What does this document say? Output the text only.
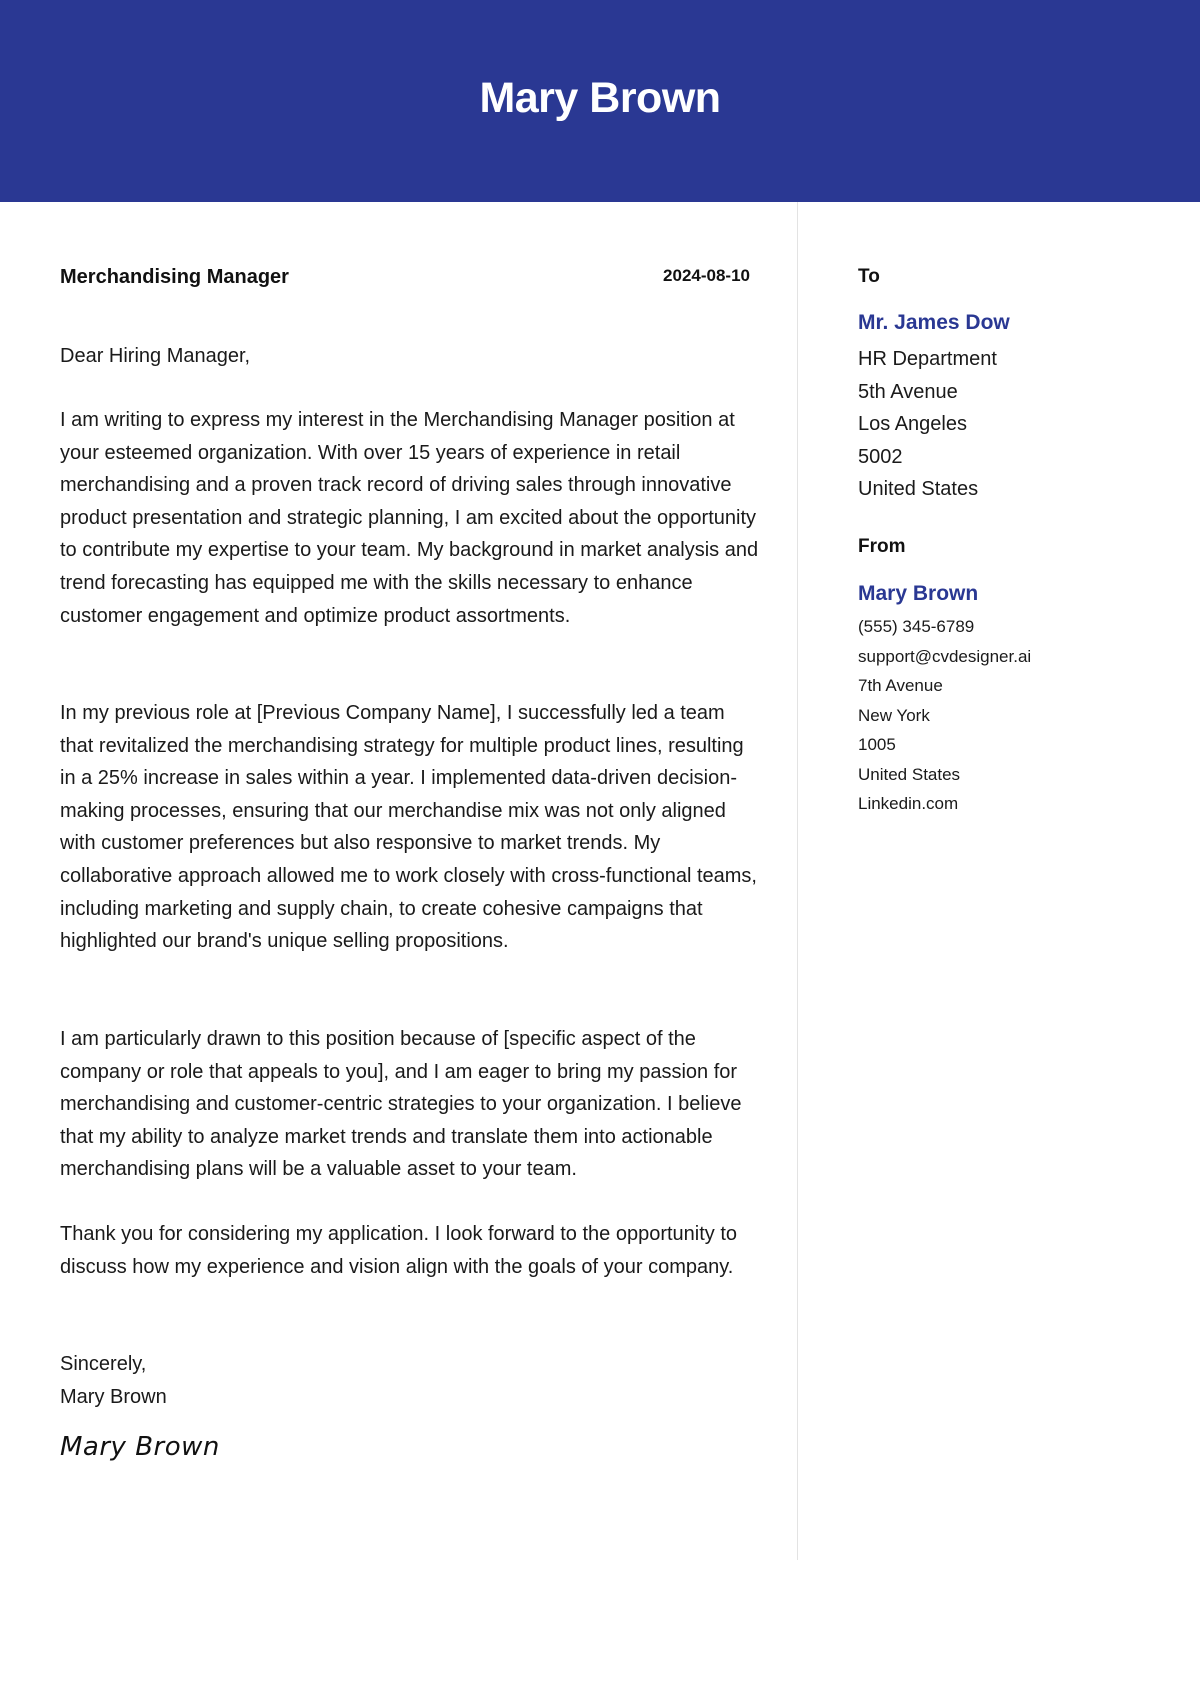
Mary Brown
Merchandising Manager	2024-08-10
Dear Hiring Manager,
I am writing to express my interest in the Merchandising Manager position at your esteemed organization. With over 15 years of experience in retail merchandising and a proven track record of driving sales through innovative product presentation and strategic planning, I am excited about the opportunity to contribute my expertise to your team. My background in market analysis and trend forecasting has equipped me with the skills necessary to enhance customer engagement and optimize product assortments.
In my previous role at [Previous Company Name], I successfully led a team that revitalized the merchandising strategy for multiple product lines, resulting in a 25% increase in sales within a year. I implemented data-driven decision-making processes, ensuring that our merchandise mix was not only aligned with customer preferences but also responsive to market trends. My collaborative approach allowed me to work closely with cross-functional teams, including marketing and supply chain, to create cohesive campaigns that highlighted our brand's unique selling propositions.
I am particularly drawn to this position because of [specific aspect of the company or role that appeals to you], and I am eager to bring my passion for merchandising and customer-centric strategies to your organization. I believe that my ability to analyze market trends and translate them into actionable merchandising plans will be a valuable asset to your team.
Thank you for considering my application. I look forward to the opportunity to discuss how my experience and vision align with the goals of your company.
Sincerely,
Mary Brown
Mary Brown
To
Mr. James Dow
HR Department
5th Avenue
Los Angeles
5002
United States
From
Mary Brown
(555) 345-6789
support@cvdesigner.ai
7th Avenue
New York
1005
United States
Linkedin.com
